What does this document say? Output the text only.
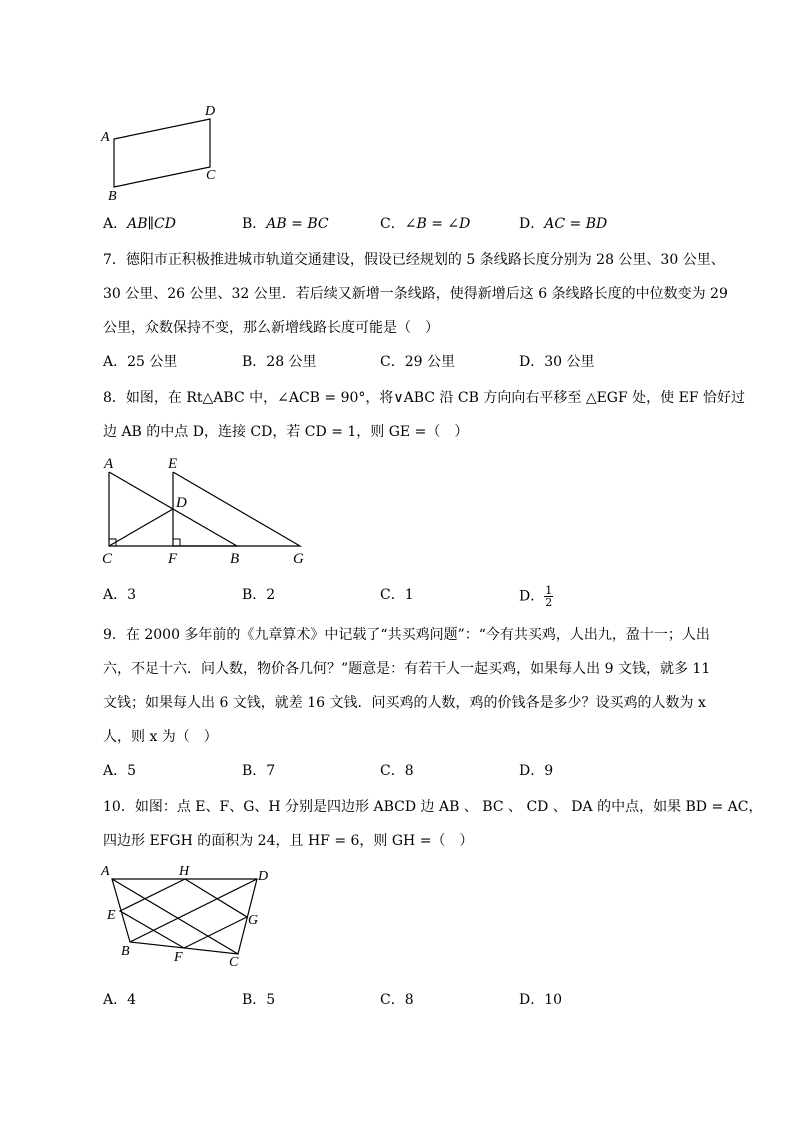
A
D
C
B
A．AB∥CD	B．AB = BC	C．∠B = ∠D	D．AC = BD
7．德阳市正积极推进城市轨道交通建设，假设已经规划的 5 条线路长度分别为 28 公里、30 公里、
30 公里、26 公里、32 公里．若后续又新增一条线路，使得新增后这 6 条线路长度的中位数变为 29
公里，众数保持不变，那么新增线路长度可能是（　）
A．25 公里	B．28 公里	C．29 公里	D．30 公里
8．如图，在 Rt△ABC 中，∠ACB = 90°，将∨ABC 沿 CB 方向向右平移至 △EGF 处，使 EF 恰好过
边 AB 的中点 D，连接 CD，若 CD = 1，则 GE =（　）
A	E
D
C	F	B	G
A．3	B．2	C．1	D． $\frac{1}{2}$
9．在 2000 多年前的《九章算术》中记载了“共买鸡问题”：“今有共买鸡，人出九，盈十一；人出
六，不足十六．问人数，物价各几何？”题意是：有若干人一起买鸡，如果每人出 9 文钱，就多 11
文钱；如果每人出 6 文钱，就差 16 文钱．问买鸡的人数，鸡的价钱各是多少？设买鸡的人数为 x
人，则 x 为（　）
A．5	B．7	C．8	D．9
10．如图：点 E、F、G、H 分别是四边形 ABCD 边 AB 、 BC 、 CD 、 DA 的中点，如果 BD = AC，
四边形 EFGH 的面积为 24，且 HF = 6，则 GH =（　）
A	H	D
E	G
B	F	C
A．4	B．5	C．8	D．10
